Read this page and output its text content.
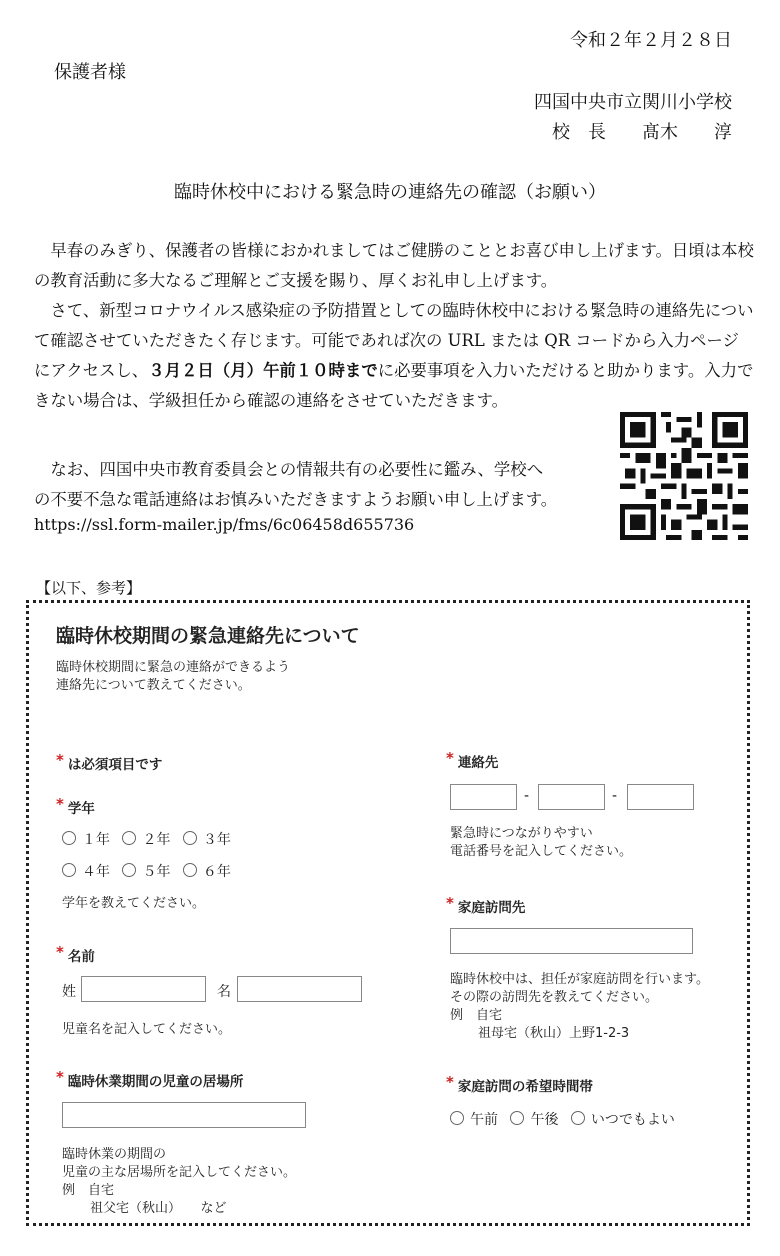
令和２年２月２８日
保護者様
四国中央市立関川小学校
校　長　　髙木　　淳
臨時休校中における緊急時の連絡先の確認（お願い）

早春のみぎり、保護者の皆様におかれましてはご健勝のこととお喜び申し上げます。日頃は本校の教育活動に多大なるご理解とご支援を賜り、厚くお礼申し上げます。

さて、新型コロナウイルス感染症の予防措置としての臨時休校中における緊急時の連絡先について確認させていただきたく存じます。可能であれば次の URL または QR コードから入力ページにアクセスし、３月２日（月）午前１０時までに必要事項を入力いただけると助かります。入力できない場合は、学級担任から確認の連絡をさせていただきます。

なお、四国中央市教育委員会との情報共有の必要性に鑑み、学校へ
の不要不急な電話連絡はお慎みいただきますようお願い申し上げます。
https://ssl.form-mailer.jp/fms/6c06458d655736
【以下、参考】
臨時休校期間の緊急連絡先について
臨時休校期間に緊急の連絡ができるよう
連絡先について教えてください。
* は必須項目です
* 学年
１年 ２年 ３年
４年 ５年 ６年
学年を教えてください。
* 名前
姓	名
児童名を記入してください。
* 臨時休業期間の児童の居場所
臨時休業の期間の
児童の主な居場所を記入してください。
例　自宅
祖父宅（秋山）　　など
* 連絡先
-	-
緊急時につながりやすい
電話番号を記入してください。
* 家庭訪問先
臨時休校中は、担任が家庭訪問を行います。
その際の訪問先を教えてください。
例　自宅
祖母宅（秋山）上野1-2-3
* 家庭訪問の希望時間帯
午前 午後 いつでもよい
